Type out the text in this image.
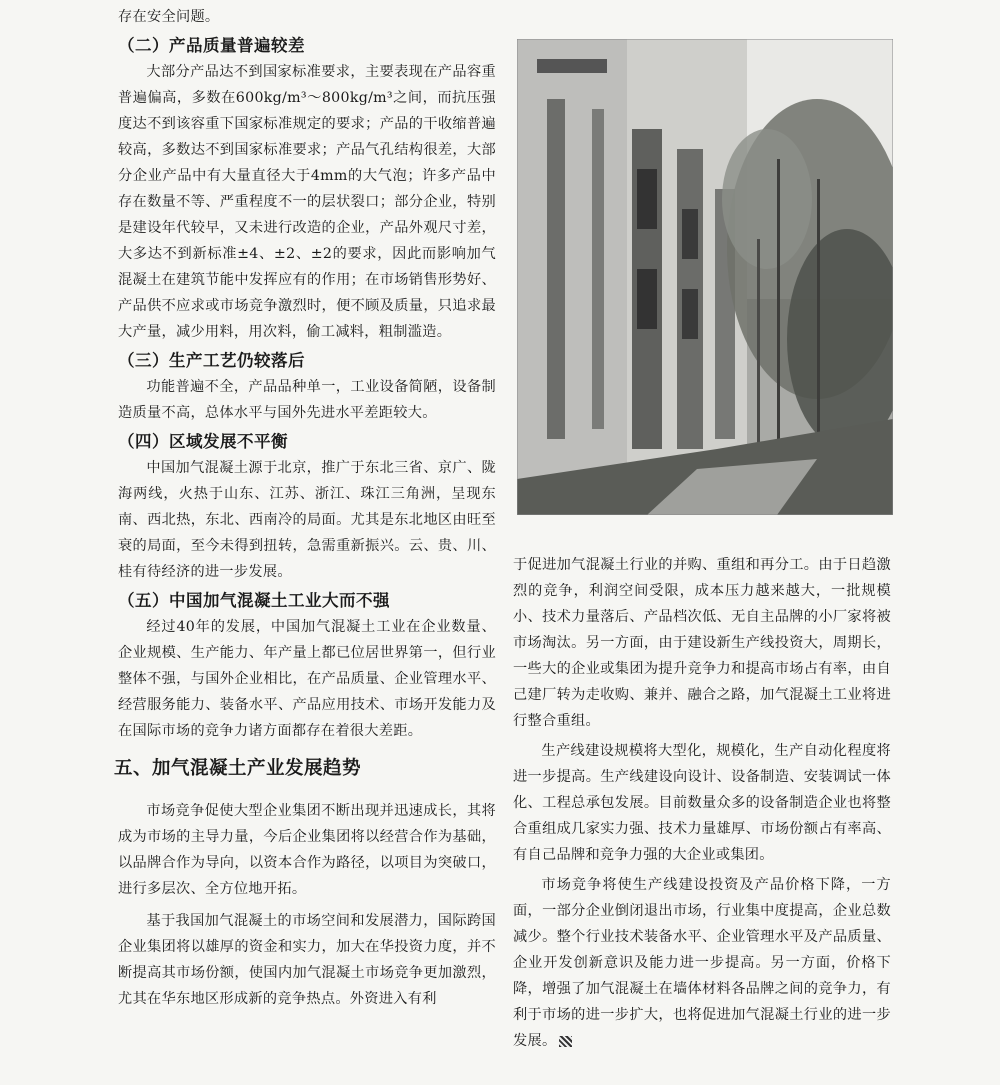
存在安全问题。

（二）产品质量普遍较差

大部分产品达不到国家标准要求，主要表现在产品容重普遍偏高，多数在600kg/m³～800kg/m³之间，而抗压强度达不到该容重下国家标准规定的要求；产品的干收缩普遍较高，多数达不到国家标准要求；产品气孔结构很差，大部分企业产品中有大量直径大于4mm的大气泡；许多产品中存在数量不等、严重程度不一的层状裂口；部分企业，特别是建设年代较早，又未进行改造的企业，产品外观尺寸差，大多达不到新标准±4、±2、±2的要求，因此而影响加气混凝土在建筑节能中发挥应有的作用；在市场销售形势好、产品供不应求或市场竞争激烈时，便不顾及质量，只追求最大产量，减少用料，用次料，偷工减料，粗制滥造。

（三）生产工艺仍较落后

功能普遍不全，产品品种单一，工业设备简陋，设备制造质量不高，总体水平与国外先进水平差距较大。

（四）区域发展不平衡

中国加气混凝土源于北京，推广于东北三省、京广、陇海两线，火热于山东、江苏、浙江、珠江三角洲，呈现东南、西北热，东北、西南冷的局面。尤其是东北地区由旺至衰的局面，至今未得到扭转，急需重新振兴。云、贵、川、桂有待经济的进一步发展。

（五）中国加气混凝土工业大而不强

经过40年的发展，中国加气混凝土工业在企业数量、企业规模、生产能力、年产量上都已位居世界第一，但行业整体不强，与国外企业相比，在产品质量、企业管理水平、经营服务能力、装备水平、产品应用技术、市场开发能力及在国际市场的竞争力诸方面都存在着很大差距。

五、加气混凝土产业发展趋势

市场竞争促使大型企业集团不断出现并迅速成长，其将成为市场的主导力量，今后企业集团将以经营合作为基础，以品牌合作为导向，以资本合作为路径，以项目为突破口，进行多层次、全方位地开拓。

基于我国加气混凝土的市场空间和发展潜力，国际跨国企业集团将以雄厚的资金和实力，加大在华投资力度，并不断提高其市场份额，使国内加气混凝土市场竞争更加激烈，尤其在华东地区形成新的竞争热点。外资进入有利

于促进加气混凝土行业的并购、重组和再分工。由于日趋激烈的竞争，利润空间受限，成本压力越来越大，一批规模小、技术力量落后、产品档次低、无自主品牌的小厂家将被市场淘汰。另一方面，由于建设新生产线投资大，周期长，一些大的企业或集团为提升竞争力和提高市场占有率，由自己建厂转为走收购、兼并、融合之路，加气混凝土工业将进行整合重组。

生产线建设规模将大型化，规模化，生产自动化程度将进一步提高。生产线建设向设计、设备制造、安装调试一体化、工程总承包发展。目前数量众多的设备制造企业也将整合重组成几家实力强、技术力量雄厚、市场份额占有率高、有自己品牌和竞争力强的大企业或集团。

市场竞争将使生产线建设投资及产品价格下降，一方面，一部分企业倒闭退出市场，行业集中度提高，企业总数减少。整个行业技术装备水平、企业管理水平及产品质量、企业开发创新意识及能力进一步提高。另一方面，价格下降，增强了加气混凝土在墙体材料各品牌之间的竞争力，有利于市场的进一步扩大，也将促进加气混凝土行业的进一步发展。
